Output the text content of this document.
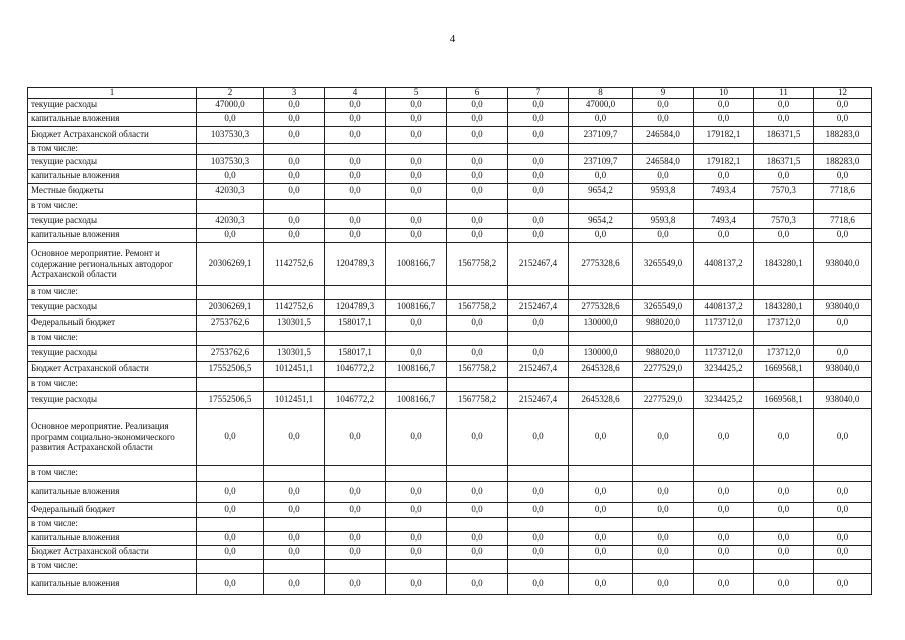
4
1	2	3	4	5	6	7	8	9	10	11	12
текущие расходы	47000,0	0,0	0,0	0,0	0,0	0,0	47000,0	0,0	0,0	0,0	0,0
капитальные вложения	0,0	0,0	0,0	0,0	0,0	0,0	0,0	0,0	0,0	0,0	0,0
Бюджет Астраханской области	1037530,3	0,0	0,0	0,0	0,0	0,0	237109,7	246584,0	179182,1	186371,5	188283,0
в том числе:											
текущие расходы	1037530,3	0,0	0,0	0,0	0,0	0,0	237109,7	246584,0	179182,1	186371,5	188283,0
капитальные вложения	0,0	0,0	0,0	0,0	0,0	0,0	0,0	0,0	0,0	0,0	0,0
Местные бюджеты	42030,3	0,0	0,0	0,0	0,0	0,0	9654,2	9593,8	7493,4	7570,3	7718,6
в том числе:											
текущие расходы	42030,3	0,0	0,0	0,0	0,0	0,0	9654,2	9593,8	7493,4	7570,3	7718,6
капитальные вложения	0,0	0,0	0,0	0,0	0,0	0,0	0,0	0,0	0,0	0,0	0,0
Основное мероприятие. Ремонт и содержание региональных автодорог Астраханской области	20306269,1	1142752,6	1204789,3	1008166,7	1567758,2	2152467,4	2775328,6	3265549,0	4408137,2	1843280,1	938040,0
в том числе:											
текущие расходы	20306269,1	1142752,6	1204789,3	1008166,7	1567758,2	2152467,4	2775328,6	3265549,0	4408137,2	1843280,1	938040,0
Федеральный бюджет	2753762,6	130301,5	158017,1	0,0	0,0	0,0	130000,0	988020,0	1173712,0	173712,0	0,0
в том числе:											
текущие расходы	2753762,6	130301,5	158017,1	0,0	0,0	0,0	130000,0	988020,0	1173712,0	173712,0	0,0
Бюджет Астраханской области	17552506,5	1012451,1	1046772,2	1008166,7	1567758,2	2152467,4	2645328,6	2277529,0	3234425,2	1669568,1	938040,0
в том числе:											
текущие расходы	17552506,5	1012451,1	1046772,2	1008166,7	1567758,2	2152467,4	2645328,6	2277529,0	3234425,2	1669568,1	938040,0
Основное мероприятие. Реализация программ социально-экономического развития Астраханской области	0,0	0,0	0,0	0,0	0,0	0,0	0,0	0,0	0,0	0,0	0,0
в том числе:											
капитальные вложения	0,0	0,0	0,0	0,0	0,0	0,0	0,0	0,0	0,0	0,0	0,0
Федеральный бюджет	0,0	0,0	0,0	0,0	0,0	0,0	0,0	0,0	0,0	0,0	0,0
в том числе:											
капитальные вложения	0,0	0,0	0,0	0,0	0,0	0,0	0,0	0,0	0,0	0,0	0,0
Бюджет Астраханской области	0,0	0,0	0,0	0,0	0,0	0,0	0,0	0,0	0,0	0,0	0,0
в том числе:											
капитальные вложения	0,0	0,0	0,0	0,0	0,0	0,0	0,0	0,0	0,0	0,0	0,0
